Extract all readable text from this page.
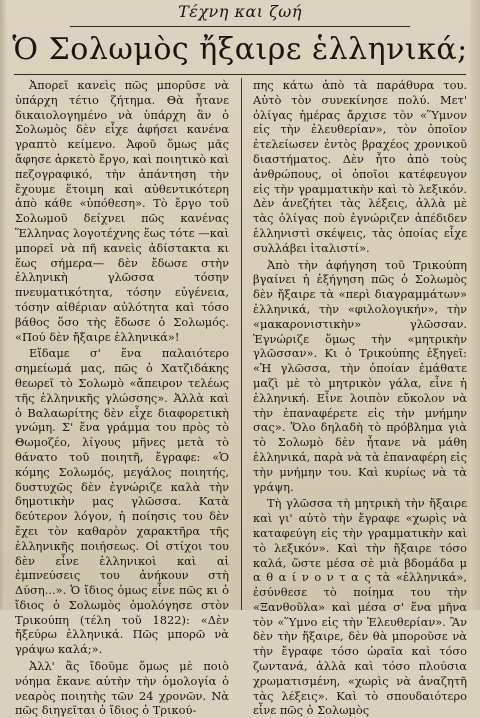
Τέχνη και ζωή
Ὁ Σολωμὸς ἤξαιρε ἑλληνικά;

Ἀπορεῖ κανεὶς πῶς μπορῦσε νὰ ὑπάρχη τέτιο ζήτημα. Θὰ ἦτανε δικαιολογημένο νὰ ὑπάρχη ἂν ὁ Σολωμὸς δὲν εἶχε ἀφήσει κανένα γραπτὸ κείμενο. Ἀφοῦ ὅμως μᾶς ἄφησε ἀρκετὸ ἔργο, καὶ ποιητικὸ καὶ πεζογραφικό, τὴν ἀπάντηση τὴν ἔχουμε ἕτοιμη καὶ αὐθεντικότερη ἀπὸ κάθε «ὑπόθεση». Τὸ ἔργο τοῦ Σολωμοῦ δείχνει πῶς κανένας Ἕλληνας λογοτέχνης ἕως τότε —καὶ μπορεῖ νὰ πῆ κανεὶς ἀδίστακτα κι ἕως σήμερα— δὲν ἔδωσε στὴν ἑλληνικὴ γλῶσσα τόσην πνευματικότητα, τόσην εὐγένεια, τόσην αἰθέριαν αὐλότητα καὶ τόσο βάθος ὅσο τὴς ἔδωσε ὁ Σολωμός. «Πού δὲν ἤξαιρε ἑλληνικά»!

Εἴδαμε σ' ἕνα παλαιότερο σημείωμά μας, πῶς ὁ Χατζιδάκης θεωρεῖ τὸ Σολωμὸ «ἄπειρον τελέως τῆς ἑλληνικῆς γλώσσης». Ἀλλὰ καὶ ὁ Βαλαωρίτης δὲν εἶχε διαφορετικὴ γνώμη. Σ' ἕνα γράμμα του πρὸς τὸ Θωμοζέο, λίγους μῆνες μετὰ τὸ θάνατο τοῦ ποιητῆ, ἔγραφε: «Ὁ κόμης Σολωμός, μεγάλος ποιητής, δυστυχῶς δὲν ἐγνώριζε καλὰ τὴν δημοτικὴν μας γλῶσσα. Κατὰ δεύτερον λόγον, ἡ ποίησις του δὲν ἔχει τὸν καθαρὸν χαρακτῆρα τῆς ἑλληνικῆς ποιήσεως. Οἱ στίχοι του δὲν εἶνε ἑλληνικοὶ καὶ αἱ ἐμπνεύσεις του ἀνήκουν στὴ Δύση...». Ὁ ἴδιος ὁμως εἶνε πῶς κι ὁ ἴδιος ὁ Σολωμὸς ὁμολόγησε στὸν Τρικούπη (τέλη τοῦ 1822): «Δὲν ἤξεύρω ἑλληνικά. Πῶς μπορῶ νὰ γράψω καλά;».

Ἀλλ' ἂς ἴδοῦμε ὅμως μὲ ποιὸ νόημα ἔκανε αὐτὴν τὴν ὁμολογία ὁ νεαρὸς ποιητὴς τῶν 24 χρονῶν. Νὰ πῶς διηγεῖται ὁ ἴδιος ὁ Τρικού-

πης κάτω ἀπὸ τὰ παράθυρα του. Αὐτὸ τὸν συνεκίνησε πολύ. Μετ' ὀλίγας ἡμέρας ἄρχισε τὸν «Ὕμνον εἰς τὴν ἐλευθερίαν», τὸν ὁποῖον ἐτελείωσεν ἐντὸς βραχέος χρονικοῦ διαστήματος. Δὲν ἦτο ἀπὸ τοὺς ἀνθρώπους, οἱ ὁποῖοι κατέφευγον εἰς τὴν γραμματικὴν καὶ τὸ λεξικόν. Δὲν ἀνεζήτει τὰς λέξεις, ἀλλὰ μὲ τὰς ὀλίγας ποὺ ἐγνώριζεν ἀπέδιδεν ἑλληνιστὶ σκέψεις, τὰς ὁποίας εἶχε συλλάβει ἰταλιστί».

Ἀπὸ τὴν ἀφήγηση τοῦ Τρικούπη βγαίνει ἡ ἐξήγηση πῶς ὁ Σολωμὸς δὲν ἤξαιρε τὰ «περὶ διαγραμμάτων» ἑλληνικά, τὴν «φιλολογικήν», τὴν «μακαρονιστικὴν» γλῶσσαν. Ἐγνώριζε ὅμως τὴν «μητρικὴν γλῶσσαν». Κι ὁ Τρικούπης ἐξηγεῖ: «Ἡ γλῶσσα, τὴν ὁποίαν ἐμάθατε μαζὶ μὲ τὸ μητρικὸν γάλα, εἶνε ἡ ἑλληνική. Εἶνε λοιπὸν εὔκολον νὰ τὴν ἐπαναφέρετε εἰς τὴν μνήμην σας». Ὅλο δηλαδὴ τὸ πρόβλημα γιὰ τὸ Σολωμὸ δὲν ἦτανε νὰ μάθη ἑλληνικά, παρὰ νὰ τὰ ἐπαναφέρη εἰς τὴν μνήμην του. Καὶ κυρίως νὰ τὰ γράψη.

Τὴ γλῶσσα τὴ μητρικὴ τὴν ἤξαιρε καὶ γι' αὐτὸ τὴν ἔγραφε «χωρὶς νὰ καταφεύγη εἰς τὴν γραμματικὴν καὶ τὸ λεξικόν». Καὶ τὴν ἤξαιρε τόσο καλά, ὥστε μέσα σὲ μιὰ βδομάδα μ α θ α ί ν ο ν τ α ς τὰ «ἑλληνικά», ἐσύνθεσε τὸ ποίημα του τὴν «Ξανθοῦλα» καὶ μέσα σ' ἕνα μῆνα τὸν «Ὕμνο εἰς τὴν Ἐλευθερίαν». Ἂν δὲν τὴν ἤξαιρε, δὲν θὰ μποροῦσε νὰ τὴν ἔγραφε τόσο ὡραῖα καὶ τόσο ζωντανά, ἀλλὰ καὶ τόσο πλούσια χρωματισμένη, «χωρὶς νὰ ἀναζητῆ τὰς λέξεις». Καὶ τὸ σπουδαιότερο εἶνε πῶς ὁ Σολωμὸς
